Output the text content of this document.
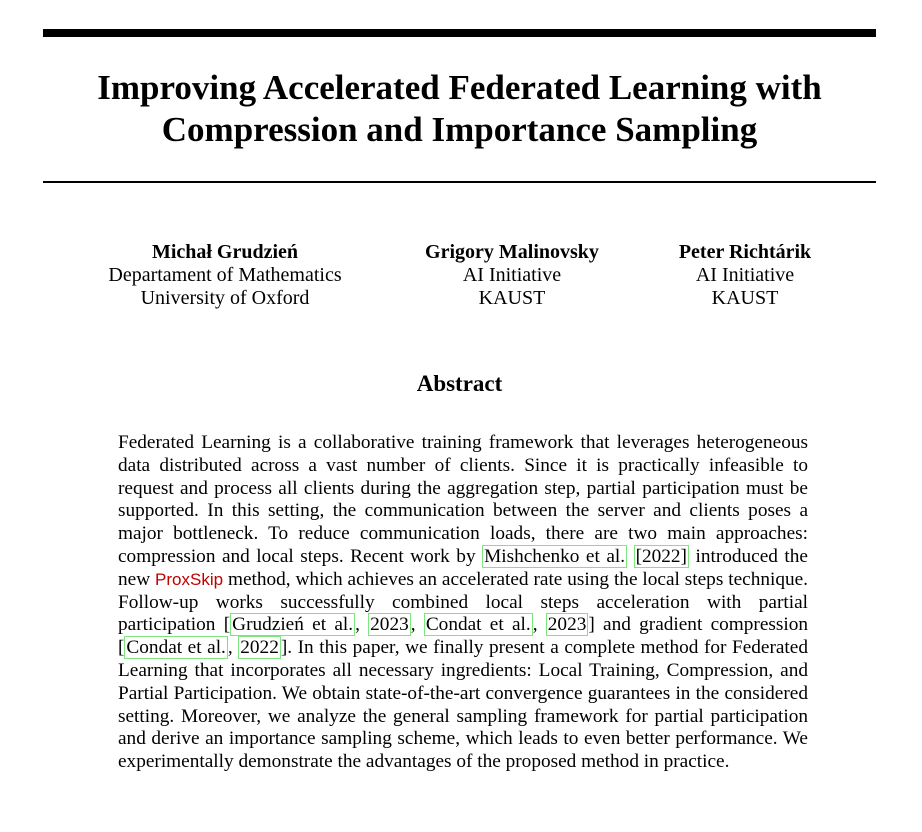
Improving Accelerated Federated Learning with Compression and Importance Sampling
Michał Grudzień
Departament of Mathematics
University of Oxford
Grigory Malinovsky
AI Initiative
KAUST
Peter Richtárik
AI Initiative
KAUST
Abstract
Federated Learning is a collaborative training framework that leverages heterogeneous data distributed across a vast number of clients. Since it is practically infeasible to request and process all clients during the aggregation step, partial participation must be supported. In this setting, the communication between the server and clients poses a major bottleneck. To reduce communication loads, there are two main approaches: compression and local steps. Recent work by Mishchenko et al. [2022] introduced the new ProxSkip method, which achieves an accelerated rate using the local steps technique. Follow-up works successfully combined local steps acceleration with partial participation [ Grudzień et al. , 2023 , Condat et al. , 2023 ] and gradient compression [ Condat et al. , 2022 ]. In this paper, we finally present a complete method for Federated Learning that incorporates all necessary ingredients: Local Training, Compression, and Partial Participation. We obtain state-of-the-art convergence guarantees in the considered setting. Moreover, we analyze the general sampling framework for partial participation and derive an importance sampling scheme, which leads to even better performance. We experimentally demonstrate the advantages of the proposed method in practice.
